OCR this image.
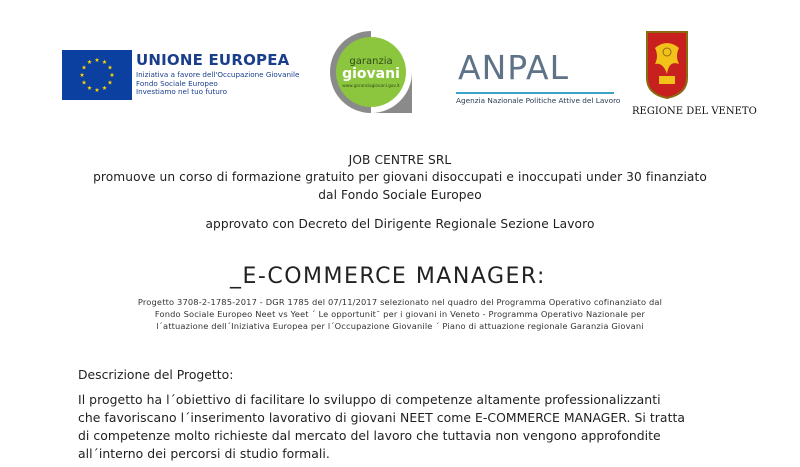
UNIONE EUROPEA
Iniziativa a favore dell'Occupazione Giovanile
Fondo Sociale Europeo
Investiamo nel tuo futuro
garanzia
giovani
www.garanziagiovani.gov.it ANPAL
Agenzia Nazionale Politiche Attive del Lavoro
REGIONE DEL VENETO
JOB CENTRE SRL
promuove un corso di formazione gratuito per giovani disoccupati e inoccupati under 30 finanziato
dal Fondo Sociale Europeo
approvato con Decreto del Dirigente Regionale Sezione Lavoro
_E-COMMERCE MANAGER:
Progetto 3708-2-1785-2017 - DGR 1785 del 07/11/2017 selezionato nel quadro del Programma Operativo cofinanziato dal
Fondo Sociale Europeo Neet vs Yeet ´ Le opportunit¯ per i giovani in Veneto - Programma Operativo Nazionale per
l´attuazione dell´Iniziativa Europea per l´Occupazione Giovanile ´ Piano di attuazione regionale Garanzia Giovani
Descrizione del Progetto:
Il progetto ha l´obiettivo di facilitare lo sviluppo di competenze altamente professionalizzanti
che favoriscano l´inserimento lavorativo di giovani NEET come E-COMMERCE MANAGER. Si tratta
di competenze molto richieste dal mercato del lavoro che tuttavia non vengono approfondite
all´interno dei percorsi di studio formali.
